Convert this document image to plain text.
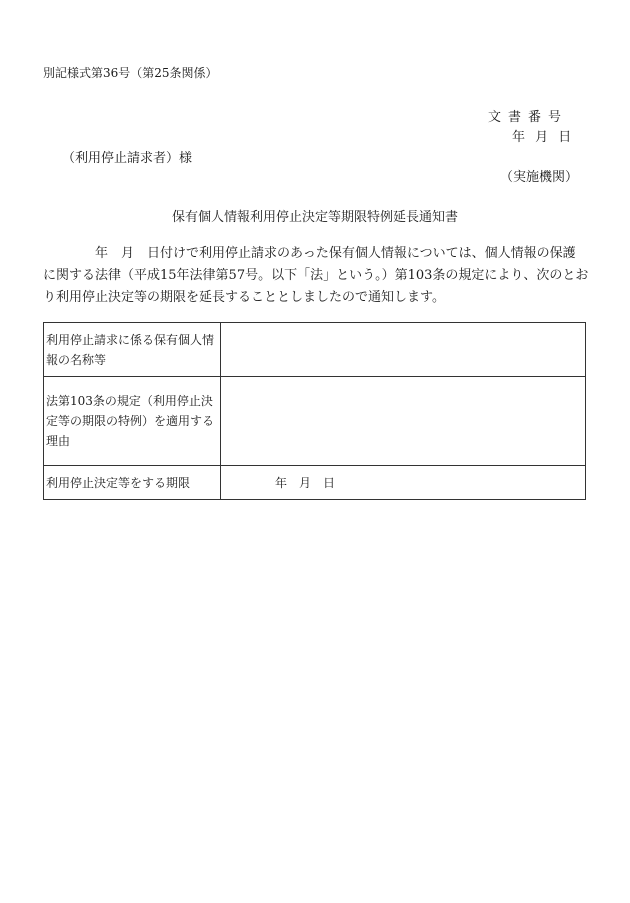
別記様式第36号（第25条関係）
文書番号
年 月 日
（利用停止請求者）様
（実施機関）
保有個人情報利用停止決定等期限特例延長通知書
年　月　日付けで利用停止請求のあった保有個人情報については、個人情報の保護
に関する法律（平成15年法律第57号。以下「法」という。）第103条の規定により、次のとお
り利用停止決定等の期限を延長することとしましたので通知します。
利用停止請求に係る保有個人情報の名称等	
法第103条の規定（利用停止決定等の期限の特例）を適用する理由	
利用停止決定等をする期限	年　月　日
